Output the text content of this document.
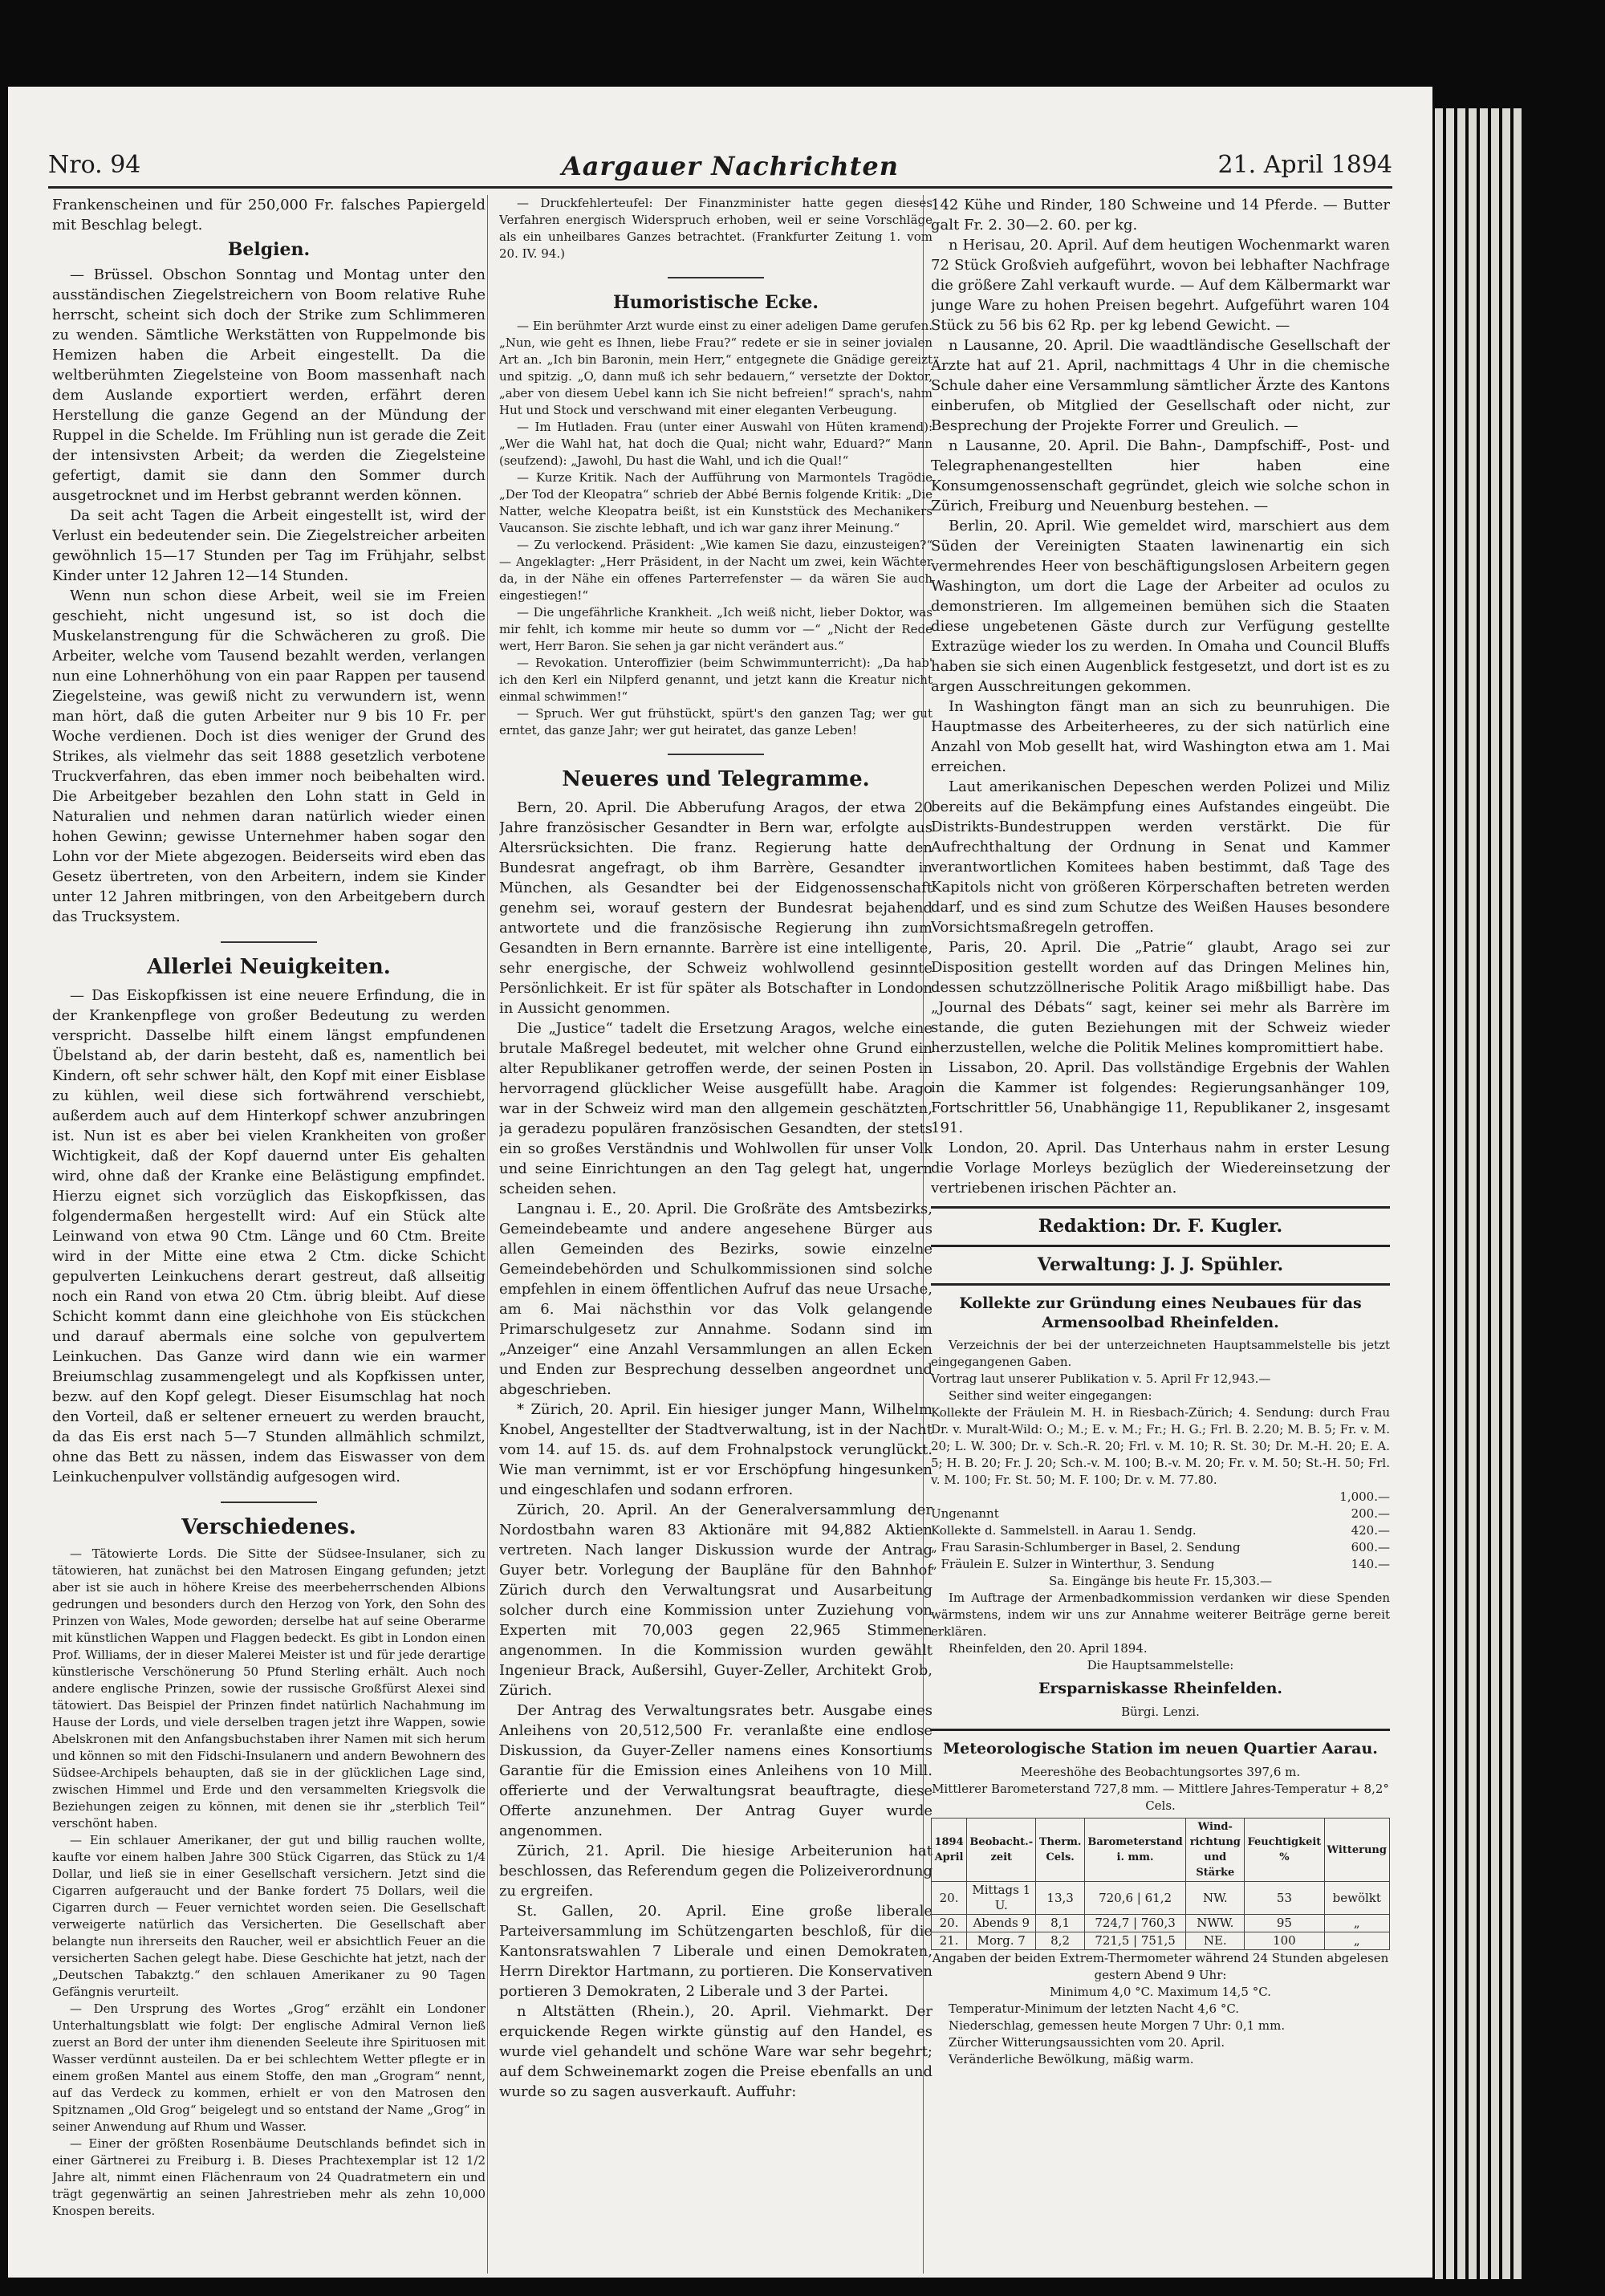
Nro. 94	Aargauer Nachrichten	21. April 1894

Frankenscheinen und für 250,000 Fr. falsches Papiergeld mit Beschlag belegt.

Belgien.

— Brüssel. Obschon Sonntag und Montag unter den ausständischen Ziegelstreichern von Boom relative Ruhe herrscht, scheint sich doch der Strike zum Schlimmeren zu wenden. Sämtliche Werkstätten von Ruppelmonde bis Hemizen haben die Arbeit eingestellt. Da die weltberühmten Ziegelsteine von Boom massenhaft nach dem Auslande exportiert werden, erfährt deren Herstellung die ganze Gegend an der Mündung der Ruppel in die Schelde. Im Frühling nun ist gerade die Zeit der intensivsten Arbeit; da werden die Ziegelsteine gefertigt, damit sie dann den Sommer durch ausgetrocknet und im Herbst gebrannt werden können.

Da seit acht Tagen die Arbeit eingestellt ist, wird der Verlust ein bedeutender sein. Die Ziegelstreicher arbeiten gewöhnlich 15—17 Stunden per Tag im Frühjahr, selbst Kinder unter 12 Jahren 12—14 Stunden.

Wenn nun schon diese Arbeit, weil sie im Freien geschieht, nicht ungesund ist, so ist doch die Muskelanstrengung für die Schwächeren zu groß. Die Arbeiter, welche vom Tausend bezahlt werden, verlangen nun eine Lohnerhöhung von ein paar Rappen per tausend Ziegelsteine, was gewiß nicht zu verwundern ist, wenn man hört, daß die guten Arbeiter nur 9 bis 10 Fr. per Woche verdienen. Doch ist dies weniger der Grund des Strikes, als vielmehr das seit 1888 gesetzlich verbotene Truckverfahren, das eben immer noch beibehalten wird. Die Arbeitgeber bezahlen den Lohn statt in Geld in Naturalien und nehmen daran natürlich wieder einen hohen Gewinn; gewisse Unternehmer haben sogar den Lohn vor der Miete abgezogen. Beiderseits wird eben das Gesetz übertreten, von den Arbeitern, indem sie Kinder unter 12 Jahren mitbringen, von den Arbeitgebern durch das Trucksystem.

Allerlei Neuigkeiten.

— Das Eiskopfkissen ist eine neuere Erfindung, die in der Krankenpflege von großer Bedeutung zu werden verspricht. Dasselbe hilft einem längst empfundenen Übelstand ab, der darin besteht, daß es, namentlich bei Kindern, oft sehr schwer hält, den Kopf mit einer Eisblase zu kühlen, weil diese sich fortwährend verschiebt, außerdem auch auf dem Hinterkopf schwer anzubringen ist. Nun ist es aber bei vielen Krankheiten von großer Wichtigkeit, daß der Kopf dauernd unter Eis gehalten wird, ohne daß der Kranke eine Belästigung empfindet. Hierzu eignet sich vorzüglich das Eiskopfkissen, das folgendermaßen hergestellt wird: Auf ein Stück alte Leinwand von etwa 90 Ctm. Länge und 60 Ctm. Breite wird in der Mitte eine etwa 2 Ctm. dicke Schicht gepulverten Leinkuchens derart gestreut, daß allseitig noch ein Rand von etwa 20 Ctm. übrig bleibt. Auf diese Schicht kommt dann eine gleichhohe von Eis stückchen und darauf abermals eine solche von gepulvertem Leinkuchen. Das Ganze wird dann wie ein warmer Breiumschlag zusammengelegt und als Kopfkissen unter, bezw. auf den Kopf gelegt. Dieser Eisumschlag hat noch den Vorteil, daß er seltener erneuert zu werden braucht, da das Eis erst nach 5—7 Stunden allmählich schmilzt, ohne das Bett zu nässen, indem das Eiswasser von dem Leinkuchenpulver vollständig aufgesogen wird.

Verschiedenes.

— Tätowierte Lords. Die Sitte der Südsee-Insulaner, sich zu tätowieren, hat zunächst bei den Matrosen Eingang gefunden; jetzt aber ist sie auch in höhere Kreise des meerbeherrschenden Albions gedrungen und besonders durch den Herzog von York, den Sohn des Prinzen von Wales, Mode geworden; derselbe hat auf seine Oberarme mit künstlichen Wappen und Flaggen bedeckt. Es gibt in London einen Prof. Williams, der in dieser Malerei Meister ist und für jede derartige künstlerische Verschönerung 50 Pfund Sterling erhält. Auch noch andere englische Prinzen, sowie der russische Großfürst Alexei sind tätowiert. Das Beispiel der Prinzen findet natürlich Nachahmung im Hause der Lords, und viele derselben tragen jetzt ihre Wappen, sowie Abelskronen mit den Anfangsbuchstaben ihrer Namen mit sich herum und können so mit den Fidschi-Insulanern und andern Bewohnern des Südsee-Archipels behaupten, daß sie in der glücklichen Lage sind, zwischen Himmel und Erde und den versammelten Kriegsvolk die Beziehungen zeigen zu können, mit denen sie ihr „sterblich Teil“ verschönt haben.

— Ein schlauer Amerikaner, der gut und billig rauchen wollte, kaufte vor einem halben Jahre 300 Stück Cigarren, das Stück zu 1/4 Dollar, und ließ sie in einer Gesellschaft versichern. Jetzt sind die Cigarren aufgeraucht und der Banke fordert 75 Dollars, weil die Cigarren durch — Feuer vernichtet worden seien. Die Gesellschaft verweigerte natürlich das Versicherten. Die Gesellschaft aber belangte nun ihrerseits den Raucher, weil er absichtlich Feuer an die versicherten Sachen gelegt habe. Diese Geschichte hat jetzt, nach der „Deutschen Tabakztg.“ den schlauen Amerikaner zu 90 Tagen Gefängnis verurteilt.

— Den Ursprung des Wortes „Grog“ erzählt ein Londoner Unterhaltungsblatt wie folgt: Der englische Admiral Vernon ließ zuerst an Bord der unter ihm dienenden Seeleute ihre Spirituosen mit Wasser verdünnt austeilen. Da er bei schlechtem Wetter pflegte er in einem großen Mantel aus einem Stoffe, den man „Grogram“ nennt, auf das Verdeck zu kommen, erhielt er von den Matrosen den Spitznamen „Old Grog“ beigelegt und so entstand der Name „Grog“ in seiner Anwendung auf Rhum und Wasser.

— Einer der größten Rosenbäume Deutschlands befindet sich in einer Gärtnerei zu Freiburg i. B. Dieses Prachtexemplar ist 12 1/2 Jahre alt, nimmt einen Flächenraum von 24 Quadratmetern ein und trägt gegenwärtig an seinen Jahrestrieben mehr als zehn 10,000 Knospen bereits.

— Druckfehlerteufel: Der Finanzminister hatte gegen dieses Verfahren energisch Widerspruch erhoben, weil er seine Vorschläge als ein unheilbares Ganzes betrachtet. (Frankfurter Zeitung 1. vom 20. IV. 94.)

Humoristische Ecke.

— Ein berühmter Arzt wurde einst zu einer adeligen Dame gerufen. „Nun, wie geht es Ihnen, liebe Frau?“ redete er sie in seiner jovialen Art an. „Ich bin Baronin, mein Herr,“ entgegnete die Gnädige gereizt und spitzig. „O, dann muß ich sehr bedauern,“ versetzte der Doktor, „aber von diesem Uebel kann ich Sie nicht befreien!“ sprach's, nahm Hut und Stock und verschwand mit einer eleganten Verbeugung.

— Im Hutladen. Frau (unter einer Auswahl von Hüten kramend): „Wer die Wahl hat, hat doch die Qual; nicht wahr, Eduard?“ Mann (seufzend): „Jawohl, Du hast die Wahl, und ich die Qual!“

— Kurze Kritik. Nach der Aufführung von Marmontels Tragödie „Der Tod der Kleopatra“ schrieb der Abbé Bernis folgende Kritik: „Die Natter, welche Kleopatra beißt, ist ein Kunststück des Mechanikers Vaucanson. Sie zischte lebhaft, und ich war ganz ihrer Meinung.“

— Zu verlockend. Präsident: „Wie kamen Sie dazu, einzusteigen?“ — Angeklagter: „Herr Präsident, in der Nacht um zwei, kein Wächter da, in der Nähe ein offenes Parterrefenster — da wären Sie auch eingestiegen!“

— Die ungefährliche Krankheit. „Ich weiß nicht, lieber Doktor, was mir fehlt, ich komme mir heute so dumm vor —“ „Nicht der Rede wert, Herr Baron. Sie sehen ja gar nicht verändert aus.“

— Revokation. Unteroffizier (beim Schwimmunterricht): „Da hab' ich den Kerl ein Nilpferd genannt, und jetzt kann die Kreatur nicht einmal schwimmen!“

— Spruch. Wer gut frühstückt, spürt's den ganzen Tag; wer gut erntet, das ganze Jahr; wer gut heiratet, das ganze Leben!

Neueres und Telegramme.

Bern, 20. April. Die Abberufung Aragos, der etwa 20 Jahre französischer Gesandter in Bern war, erfolgte aus Altersrücksichten. Die franz. Regierung hatte den Bundesrat angefragt, ob ihm Barrère, Gesandter in München, als Gesandter bei der Eidgenossenschaft genehm sei, worauf gestern der Bundesrat bejahend antwortete und die französische Regierung ihn zum Gesandten in Bern ernannte. Barrère ist eine intelligente, sehr energische, der Schweiz wohlwollend gesinnte Persönlichkeit. Er ist für später als Botschafter in London in Aussicht genommen.

Die „Justice“ tadelt die Ersetzung Aragos, welche eine brutale Maßregel bedeutet, mit welcher ohne Grund ein alter Republikaner getroffen werde, der seinen Posten in hervorragend glücklicher Weise ausgefüllt habe. Arago war in der Schweiz wird man den allgemein geschätzten, ja geradezu populären französischen Gesandten, der stets ein so großes Verständnis und Wohlwollen für unser Volk und seine Einrichtungen an den Tag gelegt hat, ungern scheiden sehen.

Langnau i. E., 20. April. Die Großräte des Amtsbezirks, Gemeindebeamte und andere angesehene Bürger aus allen Gemeinden des Bezirks, sowie einzelne Gemeindebehörden und Schulkommissionen sind solche empfehlen in einem öffentlichen Aufruf das neue Ursache, am 6. Mai nächsthin vor das Volk gelangende Primarschulgesetz zur Annahme. Sodann sind im „Anzeiger“ eine Anzahl Versammlungen an allen Ecken und Enden zur Besprechung desselben angeordnet und abgeschrieben.

* Zürich, 20. April. Ein hiesiger junger Mann, Wilhelm Knobel, Angestellter der Stadtverwaltung, ist in der Nacht vom 14. auf 15. ds. auf dem Frohnalpstock verunglückt. Wie man vernimmt, ist er vor Erschöpfung hingesunken und eingeschlafen und sodann erfroren.

Zürich, 20. April. An der Generalversammlung der Nordostbahn waren 83 Aktionäre mit 94,882 Aktien vertreten. Nach langer Diskussion wurde der Antrag Guyer betr. Vorlegung der Baupläne für den Bahnhof Zürich durch den Verwaltungsrat und Ausarbeitung solcher durch eine Kommission unter Zuziehung von Experten mit 70,003 gegen 22,965 Stimmen angenommen. In die Kommission wurden gewählt Ingenieur Brack, Außersihl, Guyer-Zeller, Architekt Grob, Zürich.

Der Antrag des Verwaltungsrates betr. Ausgabe eines Anleihens von 20,512,500 Fr. veranlaßte eine endlose Diskussion, da Guyer-Zeller namens eines Konsortiums Garantie für die Emission eines Anleihens von 10 Mill. offerierte und der Verwaltungsrat beauftragte, diese Offerte anzunehmen. Der Antrag Guyer wurde angenommen.

Zürich, 21. April. Die hiesige Arbeiterunion hat beschlossen, das Referendum gegen die Polizeiverordnung zu ergreifen.

St. Gallen, 20. April. Eine große liberale Parteiversammlung im Schützengarten beschloß, für die Kantonsratswahlen 7 Liberale und einen Demokraten, Herrn Direktor Hartmann, zu portieren. Die Konservativen portieren 3 Demokraten, 2 Liberale und 3 der Partei.

n Altstätten (Rhein.), 20. April. Viehmarkt. Der erquickende Regen wirkte günstig auf den Handel, es wurde viel gehandelt und schöne Ware war sehr begehrt; auf dem Schweinemarkt zogen die Preise ebenfalls an und wurde so zu sagen ausverkauft. Auffuhr:

142 Kühe und Rinder, 180 Schweine und 14 Pferde. — Butter galt Fr. 2. 30—2. 60. per kg.

n Herisau, 20. April. Auf dem heutigen Wochenmarkt waren 72 Stück Großvieh aufgeführt, wovon bei lebhafter Nachfrage die größere Zahl verkauft wurde. — Auf dem Kälbermarkt war junge Ware zu hohen Preisen begehrt. Aufgeführt waren 104 Stück zu 56 bis 62 Rp. per kg lebend Gewicht. —

n Lausanne, 20. April. Die waadtländische Gesellschaft der Ärzte hat auf 21. April, nachmittags 4 Uhr in die chemische Schule daher eine Versammlung sämtlicher Ärzte des Kantons einberufen, ob Mitglied der Gesellschaft oder nicht, zur Besprechung der Projekte Forrer und Greulich. —

n Lausanne, 20. April. Die Bahn-, Dampfschiff-, Post- und Telegraphenangestellten hier haben eine Konsumgenossenschaft gegründet, gleich wie solche schon in Zürich, Freiburg und Neuenburg bestehen. —

Berlin, 20. April. Wie gemeldet wird, marschiert aus dem Süden der Vereinigten Staaten lawinenartig ein sich vermehrendes Heer von beschäftigungslosen Arbeitern gegen Washington, um dort die Lage der Arbeiter ad oculos zu demonstrieren. Im allgemeinen bemühen sich die Staaten diese ungebetenen Gäste durch zur Verfügung gestellte Extrazüge wieder los zu werden. In Omaha und Council Bluffs haben sie sich einen Augenblick festgesetzt, und dort ist es zu argen Ausschreitungen gekommen.

In Washington fängt man an sich zu beunruhigen. Die Hauptmasse des Arbeiterheeres, zu der sich natürlich eine Anzahl von Mob gesellt hat, wird Washington etwa am 1. Mai erreichen.

Laut amerikanischen Depeschen werden Polizei und Miliz bereits auf die Bekämpfung eines Aufstandes eingeübt. Die Distrikts-Bundestruppen werden verstärkt. Die für Aufrechthaltung der Ordnung in Senat und Kammer verantwortlichen Komitees haben bestimmt, daß Tage des Kapitols nicht von größeren Körperschaften betreten werden darf, und es sind zum Schutze des Weißen Hauses besondere Vorsichtsmaßregeln getroffen.

Paris, 20. April. Die „Patrie“ glaubt, Arago sei zur Disposition gestellt worden auf das Dringen Melines hin, dessen schutzzöllnerische Politik Arago mißbilligt habe. Das „Journal des Débats“ sagt, keiner sei mehr als Barrère im stande, die guten Beziehungen mit der Schweiz wieder herzustellen, welche die Politik Melines kompromittiert habe.

Lissabon, 20. April. Das vollständige Ergebnis der Wahlen in die Kammer ist folgendes: Regierungsanhänger 109, Fortschrittler 56, Unabhängige 11, Republikaner 2, insgesamt 191.

London, 20. April. Das Unterhaus nahm in erster Lesung die Vorlage Morleys bezüglich der Wiedereinsetzung der vertriebenen irischen Pächter an.

Redaktion: Dr. F. Kugler.
Verwaltung: J. J. Spühler.
Kollekte zur Gründung eines Neubaues für das Armensoolbad Rheinfelden.

Verzeichnis der bei der unterzeichneten Hauptsammelstelle bis jetzt eingegangenen Gaben.

Vortrag laut unserer Publikation v. 5. April Fr 12,943.—

Seither sind weiter eingegangen:

Kollekte der Fräulein M. H. in Riesbach-Zürich; 4. Sendung: durch Frau Dr. v. Muralt-Wild: O.; M.; E. v. M.; Fr.; H. G.; Frl. B. 2.20; M. B. 5; Fr. v. M. 20; L. W. 300; Dr. v. Sch.-R. 20; Frl. v. M. 10; R. St. 30; Dr. M.-H. 20; E. A. 5; H. B. 20; Fr. J. 20; Sch.-v. M. 100; B.-v. M. 20; Fr. v. M. 50; St.-H. 50; Frl. v. M. 100; Fr. St. 50; M. F. 100; Dr. v. M. 77.80.

1,000.—
Ungenannt	200.—
Kollekte d. Sammelstell. in Aarau 1. Sendg.	420.—
„ Frau Sarasin-Schlumberger in Basel, 2. Sendung	600.—
„ Fräulein E. Sulzer in Winterthur, 3. Sendung	140.—

Sa. Eingänge bis heute Fr. 15,303.—

Im Auftrage der Armenbadkommission verdanken wir diese Spenden wärmstens, indem wir uns zur Annahme weiterer Beiträge gerne bereit erklären.

Rheinfelden, den 20. April 1894.

Die Hauptsammelstelle:

Ersparniskasse Rheinfelden.

Bürgi. Lenzi.

Meteorologische Station im neuen Quartier Aarau.

Meereshöhe des Beobachtungsortes 397,6 m.

Mittlerer Barometerstand 727,8 mm. — Mittlere Jahres-Temperatur + 8,2° Cels.

1894 April	Beobacht.-zeit	Therm. Cels.	Barometerstand i. mm.	Wind-richtung und Stärke	Feuchtigkeit %	Witterung
20.	Mittags 1 U.	13,3	720,6 | 61,2	NW.	53	bewölkt
20.	Abends 9	8,1	724,7 | 760,3	NWW.	95	„
21.	Morg. 7	8,2	721,5 | 751,5	NE.	100	„

Angaben der beiden Extrem-Thermometer während 24 Stunden abgelesen gestern Abend 9 Uhr:

Minimum 4,0 °C. Maximum 14,5 °C.

Temperatur-Minimum der letzten Nacht 4,6 °C.

Niederschlag, gemessen heute Morgen 7 Uhr: 0,1 mm.

Zürcher Witterungsaussichten vom 20. April.

Veränderliche Bewölkung, mäßig warm.
